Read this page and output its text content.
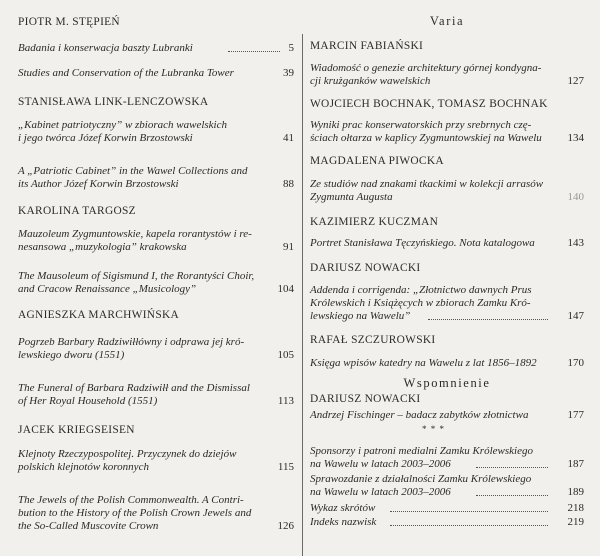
PIOTR M. STĘPIEŃ
Badania i konserwacja baszty Lubranki	5
Studies and Conservation of the Lubranka Tower	39
STANISŁAWA LINK-LENCZOWSKA
„Kabinet patriotyczny” w zbiorach wawelskich
i jego twórca Józef Korwin Brzostowski	41
A „Patriotic Cabinet” in the Wawel Collections and
its Author Józef Korwin Brzostowski	88
KAROLINA TARGOSZ
Mauzoleum Zygmuntowskie, kapela rorantystów i re-
nesansowa „muzykologia” krakowska	91
The Mausoleum of Sigismund I, the Rorantyści Choir,
and Cracow Renaissance „Musicology”	104
AGNIESZKA MARCHWIŃSKA
Pogrzeb Barbary Radziwiłłówny i odprawa jej kró-
lewskiego dworu (1551)	105
The Funeral of Barbara Radziwiłł and the Dismissal
of Her Royal Household (1551)	113
JACEK KRIEGSEISEN
Klejnoty Rzeczypospolitej. Przyczynek do dziejów
polskich klejnotów koronnych	115
The Jewels of the Polish Commonwealth. A Contri-
bution to the History of the Polish Crown Jewels and
the So-Called Muscovite Crown	126
Varia
MARCIN FABIAŃSKI
Wiadomość o genezie architektury górnej kondygna-
cji krużganków wawelskich	127
WOJCIECH BOCHNAK, TOMASZ BOCHNAK
Wyniki prac konserwatorskich przy srebrnych czę-
ściach ołtarza w kaplicy Zygmuntowskiej na Wawelu	134
MAGDALENA PIWOCKA
Ze studiów nad znakami tkackimi w kolekcji arrasów
Zygmunta Augusta	140
KAZIMIERZ KUCZMAN
Portret Stanisława Tęczyńskiego. Nota katalogowa	143
DARIUSZ NOWACKI
Addenda i corrigenda: „Złotnictwo dawnych Prus
Królewskich i Książęcych w zbiorach Zamku Kró-
lewskiego na Wawelu”	147
RAFAŁ SZCZUROWSKI
Księga wpisów katedry na Wawelu z lat 1856–1892	170
Wspomnienie
DARIUSZ NOWACKI
Andrzej Fischinger – badacz zabytków złotnictwa	177
* * *
Sponsorzy i patroni medialni Zamku Królewskiego
na Wawelu w latach 2003–2006	187
Sprawozdanie z działalności Zamku Królewskiego
na Wawelu w latach 2003–2006	189
Wykaz skrótów	218
Indeks nazwisk	219
